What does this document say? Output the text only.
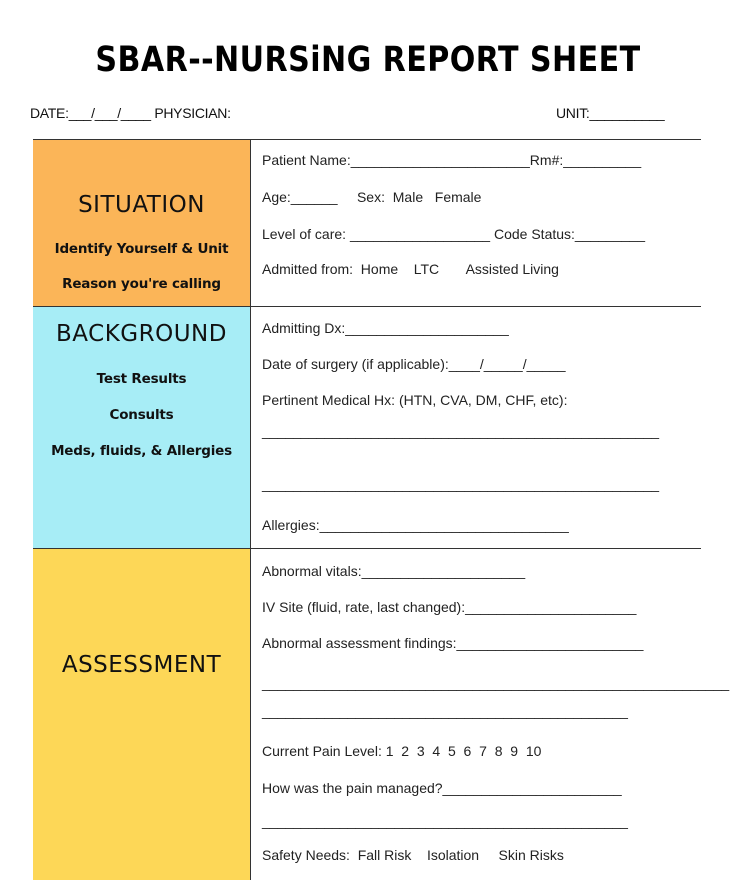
SBAR--NURSiNG REPORT SHEET
DATE:___/___/____ PHYSICIAN:	UNIT:__________
SITUATION
Identify Yourself & Unit
Reason you're calling
BACKGROUND
Test Results
Consults
Meds, fluids, & Allergies
ASSESSMENT
Patient Name:_______________________Rm#:__________
Age:______     Sex:  Male   Female
Level of care: __________________ Code Status:_________
Admitted from:  Home    LTC       Assisted Living
Admitting Dx:_____________________
Date of surgery (if applicable):____/_____/_____
Pertinent Medical Hx: (HTN, CVA, DM, CHF, etc):
___________________________________________________
___________________________________________________
Allergies:________________________________
Abnormal vitals:_____________________
IV Site (fluid, rate, last changed):______________________
Abnormal assessment findings:________________________
____________________________________________________________
_______________________________________________
Current Pain Level: 1  2  3  4  5  6  7  8  9  10
How was the pain managed?_______________________
_______________________________________________
Safety Needs:  Fall Risk    Isolation     Skin Risks
